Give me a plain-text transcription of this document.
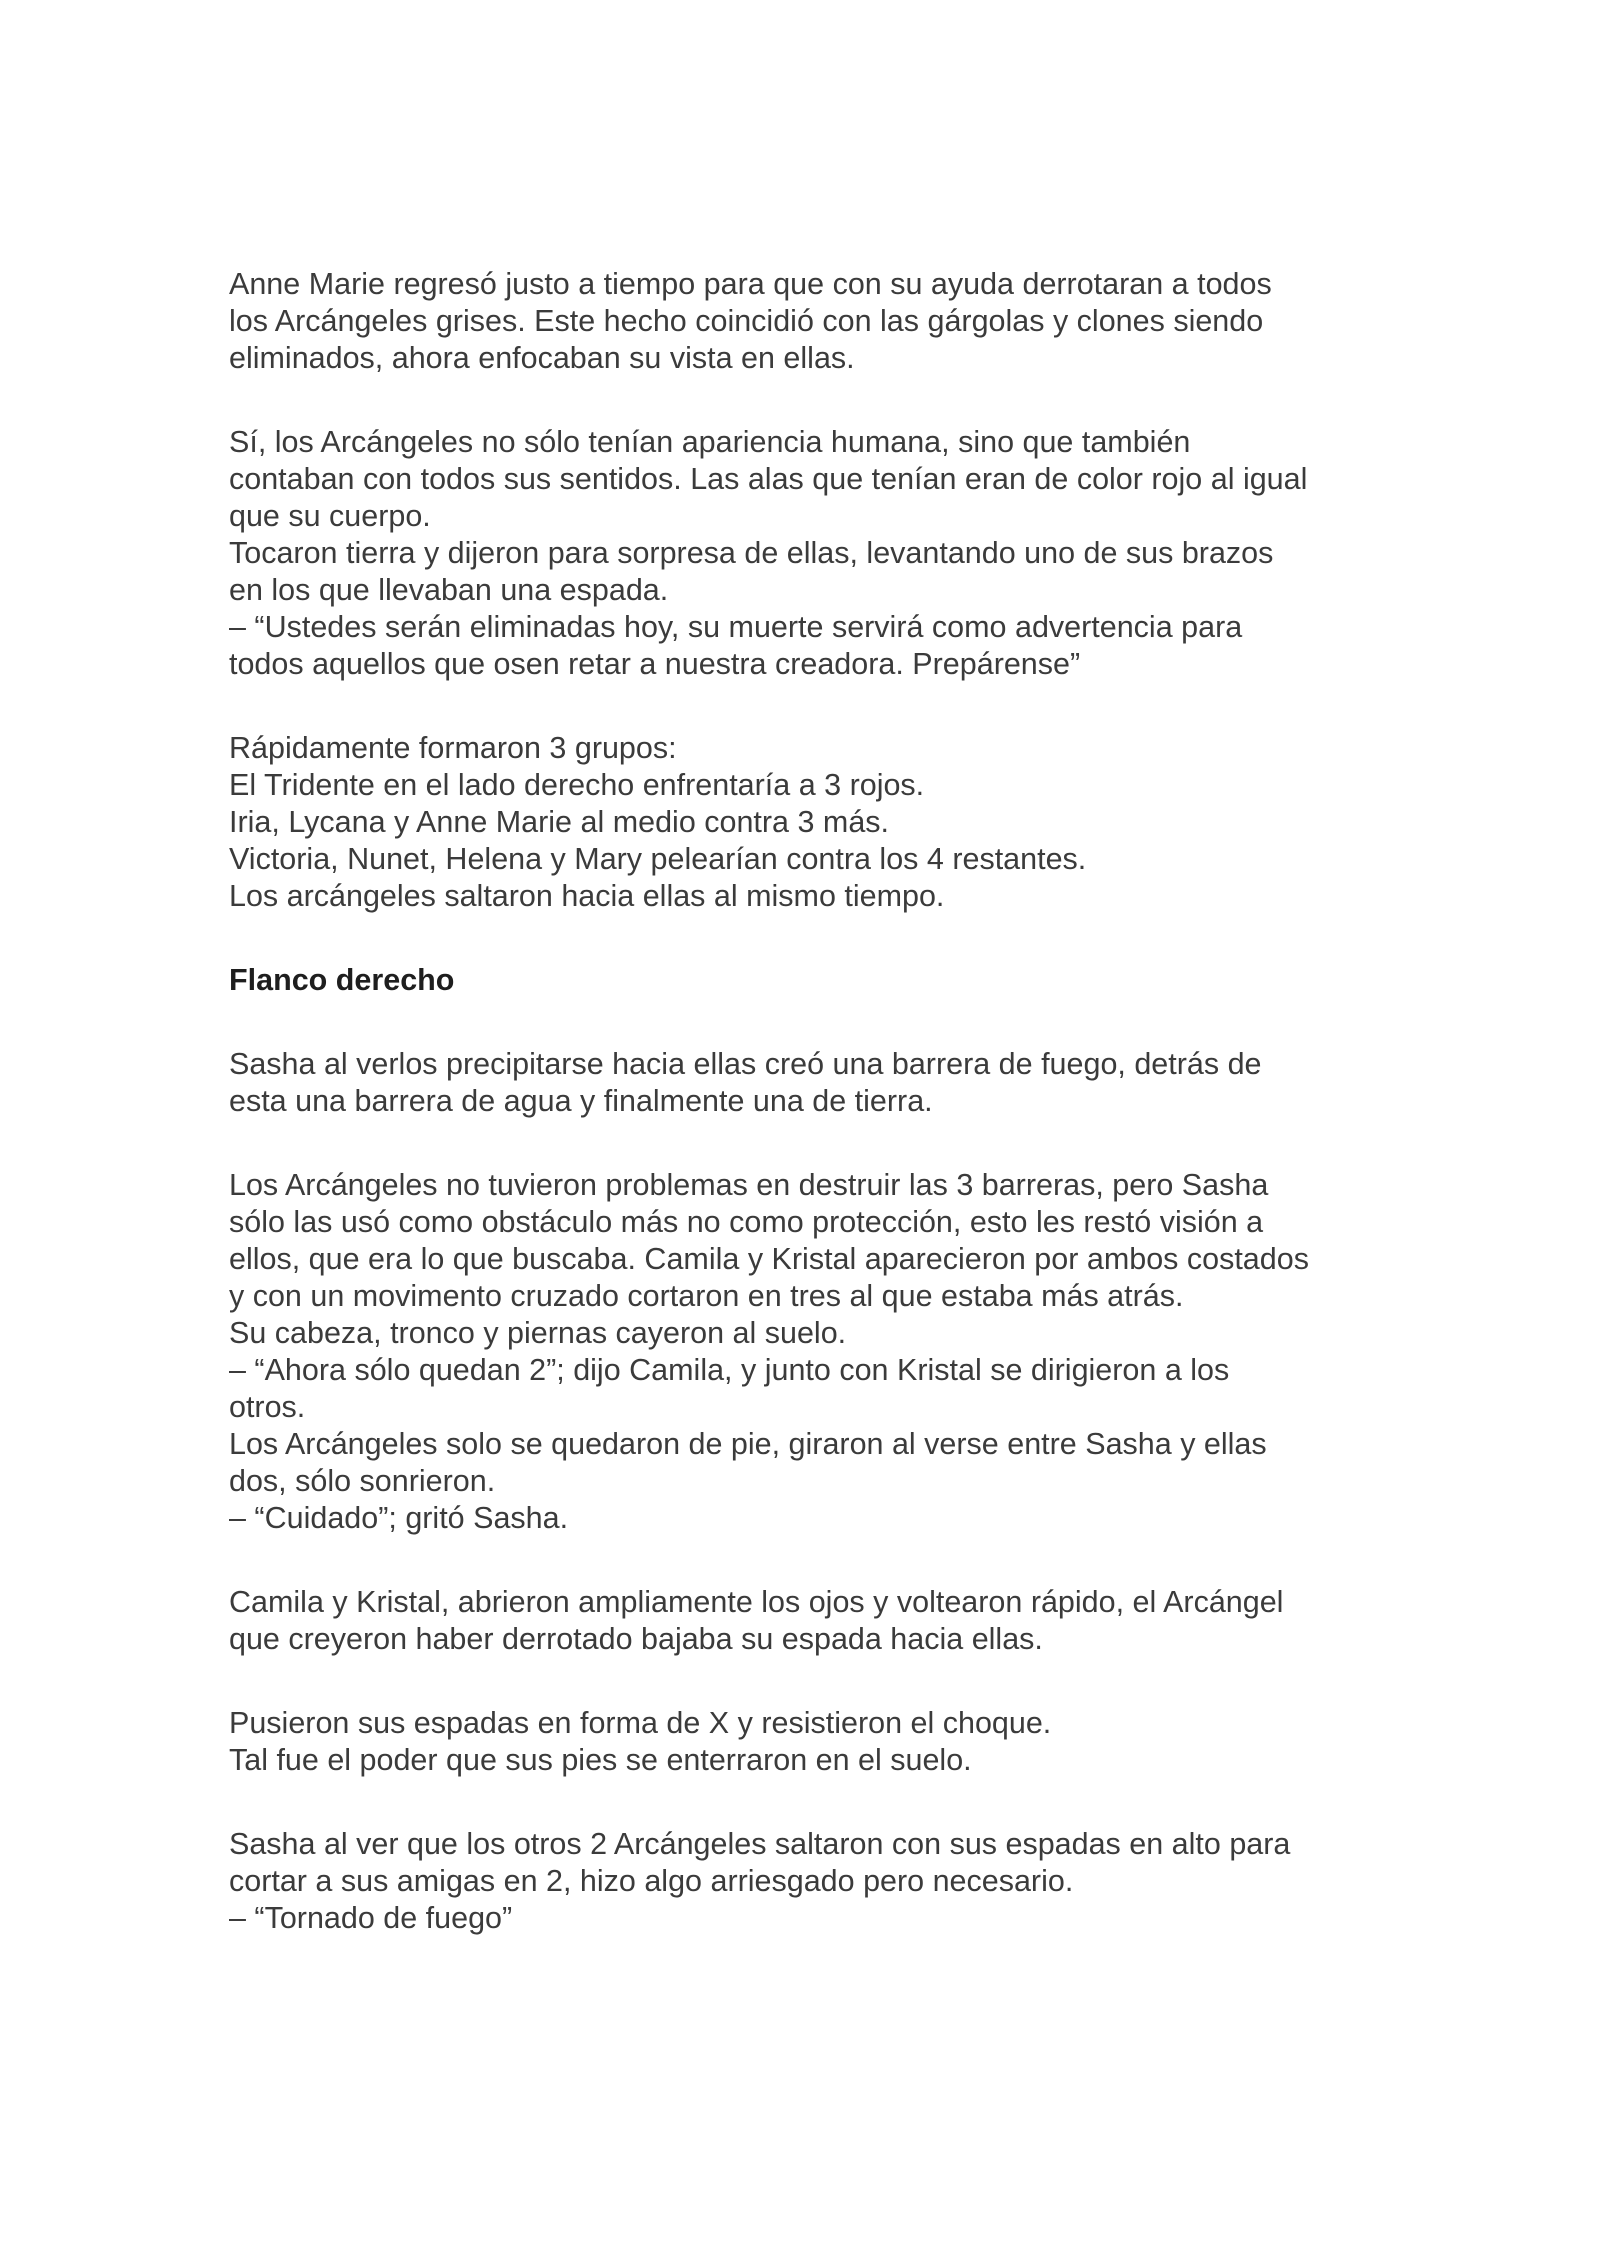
Anne Marie regresó justo a tiempo para que con su ayuda derrotaran a todos
los Arcángeles grises. Este hecho coincidió con las gárgolas y clones siendo
eliminados, ahora enfocaban su vista en ellas.
Sí, los Arcángeles no sólo tenían apariencia humana, sino que también
contaban con todos sus sentidos. Las alas que tenían eran de color rojo al igual
que su cuerpo.
Tocaron tierra y dijeron para sorpresa de ellas, levantando uno de sus brazos
en los que llevaban una espada.
– “Ustedes serán eliminadas hoy, su muerte servirá como advertencia para
todos aquellos que osen retar a nuestra creadora. Prepárense”
Rápidamente formaron 3 grupos:
El Tridente en el lado derecho enfrentaría a 3 rojos.
Iria, Lycana y Anne Marie al medio contra 3 más.
Victoria, Nunet, Helena y Mary pelearían contra los 4 restantes.
Los arcángeles saltaron hacia ellas al mismo tiempo.
Flanco derecho
Sasha al verlos precipitarse hacia ellas creó una barrera de fuego, detrás de
esta una barrera de agua y finalmente una de tierra.
Los Arcángeles no tuvieron problemas en destruir las 3 barreras, pero Sasha
sólo las usó como obstáculo más no como protección, esto les restó visión a
ellos, que era lo que buscaba. Camila y Kristal aparecieron por ambos costados
y con un movimento cruzado cortaron en tres al que estaba más atrás.
Su cabeza, tronco y piernas cayeron al suelo.
– “Ahora sólo quedan 2”; dijo Camila, y junto con Kristal se dirigieron a los
otros.
Los Arcángeles solo se quedaron de pie, giraron al verse entre Sasha y ellas
dos, sólo sonrieron.
– “Cuidado”; gritó Sasha.
Camila y Kristal, abrieron ampliamente los ojos y voltearon rápido, el Arcángel
que creyeron haber derrotado bajaba su espada hacia ellas.
Pusieron sus espadas en forma de X y resistieron el choque.
Tal fue el poder que sus pies se enterraron en el suelo.
Sasha al ver que los otros 2 Arcángeles saltaron con sus espadas en alto para
cortar a sus amigas en 2, hizo algo arriesgado pero necesario.
– “Tornado de fuego”
